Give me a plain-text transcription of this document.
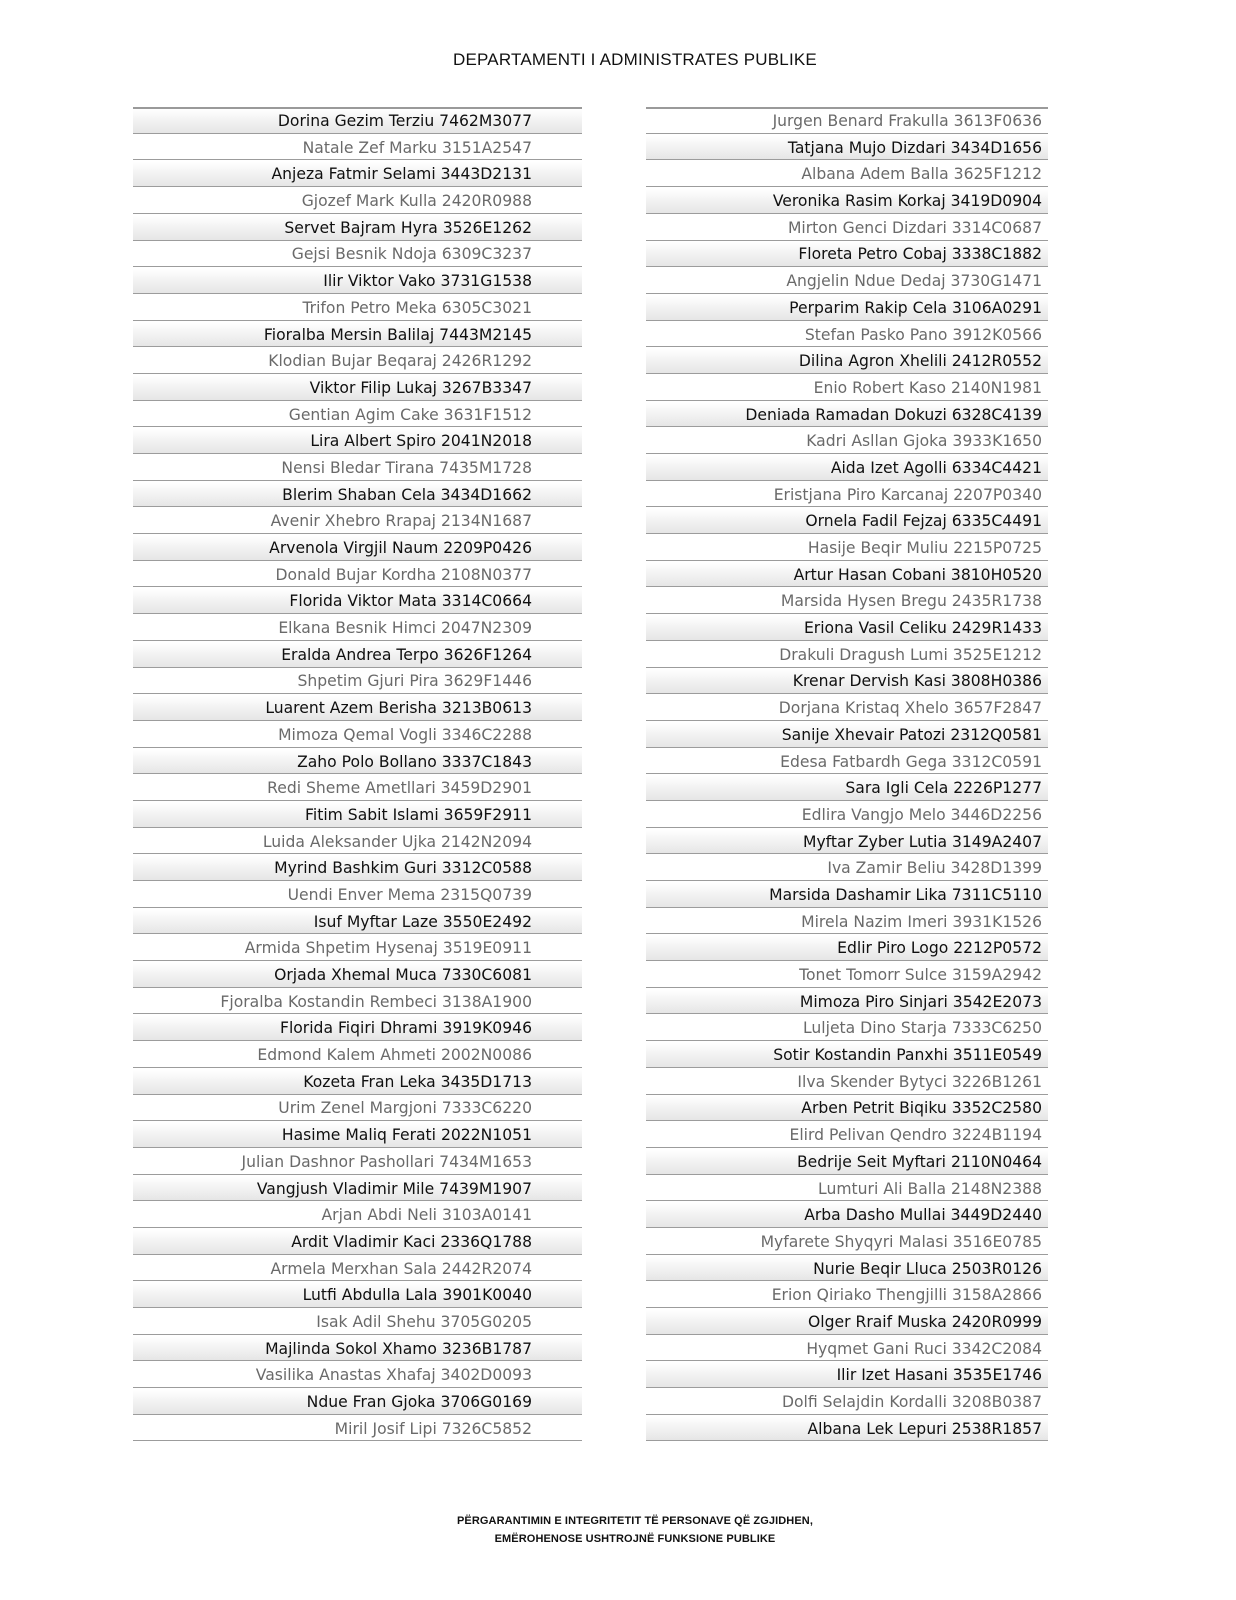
DEPARTAMENTI I ADMINISTRATES PUBLIKE
Dorina Gezim Terziu 7462M3077
Natale Zef Marku 3151A2547
Anjeza Fatmir Selami 3443D2131
Gjozef Mark Kulla 2420R0988
Servet Bajram Hyra 3526E1262
Gejsi Besnik Ndoja 6309C3237
Ilir Viktor Vako 3731G1538
Trifon Petro Meka 6305C3021
Fioralba Mersin Balilaj 7443M2145
Klodian Bujar Beqaraj 2426R1292
Viktor Filip Lukaj 3267B3347
Gentian Agim Cake 3631F1512
Lira Albert Spiro 2041N2018
Nensi Bledar Tirana 7435M1728
Blerim Shaban Cela 3434D1662
Avenir Xhebro Rrapaj 2134N1687
Arvenola Virgjil Naum 2209P0426
Donald Bujar Kordha 2108N0377
Florida Viktor Mata 3314C0664
Elkana Besnik Himci 2047N2309
Eralda Andrea Terpo 3626F1264
Shpetim Gjuri Pira 3629F1446
Luarent Azem Berisha 3213B0613
Mimoza Qemal Vogli 3346C2288
Zaho Polo Bollano 3337C1843
Redi Sheme Ametllari 3459D2901
Fitim Sabit Islami 3659F2911
Luida Aleksander Ujka 2142N2094
Myrind Bashkim Guri 3312C0588
Uendi Enver Mema 2315Q0739
Isuf Myftar Laze 3550E2492
Armida Shpetim Hysenaj 3519E0911
Orjada Xhemal Muca 7330C6081
Fjoralba Kostandin Rembeci 3138A1900
Florida Fiqiri Dhrami 3919K0946
Edmond Kalem Ahmeti 2002N0086
Kozeta Fran Leka 3435D1713
Urim Zenel Margjoni 7333C6220
Hasime Maliq Ferati 2022N1051
Julian Dashnor Pashollari 7434M1653
Vangjush Vladimir Mile 7439M1907
Arjan Abdi Neli 3103A0141
Ardit Vladimir Kaci 2336Q1788
Armela Merxhan Sala 2442R2074
Lutfi Abdulla Lala 3901K0040
Isak Adil Shehu 3705G0205
Majlinda Sokol Xhamo 3236B1787
Vasilika Anastas Xhafaj 3402D0093
Ndue Fran Gjoka 3706G0169
Miril Josif Lipi 7326C5852
Jurgen Benard Frakulla 3613F0636
Tatjana Mujo Dizdari 3434D1656
Albana Adem Balla 3625F1212
Veronika Rasim Korkaj 3419D0904
Mirton Genci Dizdari 3314C0687
Floreta Petro Cobaj 3338C1882
Angjelin Ndue Dedaj 3730G1471
Perparim Rakip Cela 3106A0291
Stefan Pasko Pano 3912K0566
Dilina Agron Xhelili 2412R0552
Enio Robert Kaso 2140N1981
Deniada Ramadan Dokuzi 6328C4139
Kadri Asllan Gjoka 3933K1650
Aida Izet Agolli 6334C4421
Eristjana Piro Karcanaj 2207P0340
Ornela Fadil Fejzaj 6335C4491
Hasije Beqir Muliu 2215P0725
Artur Hasan Cobani 3810H0520
Marsida Hysen Bregu 2435R1738
Eriona Vasil Celiku 2429R1433
Drakuli Dragush Lumi 3525E1212
Krenar Dervish Kasi 3808H0386
Dorjana Kristaq Xhelo 3657F2847
Sanije Xhevair Patozi 2312Q0581
Edesa Fatbardh Gega 3312C0591
Sara Igli Cela 2226P1277
Edlira Vangjo Melo 3446D2256
Myftar Zyber Lutia 3149A2407
Iva Zamir Beliu 3428D1399
Marsida Dashamir Lika 7311C5110
Mirela Nazim Imeri 3931K1526
Edlir Piro Logo 2212P0572
Tonet Tomorr Sulce 3159A2942
Mimoza Piro Sinjari 3542E2073
Luljeta Dino Starja 7333C6250
Sotir Kostandin Panxhi 3511E0549
Ilva Skender Bytyci 3226B1261
Arben Petrit Biqiku 3352C2580
Elird Pelivan Qendro 3224B1194
Bedrije Seit Myftari 2110N0464
Lumturi Ali Balla 2148N2388
Arba Dasho Mullai 3449D2440
Myfarete Shyqyri Malasi 3516E0785
Nurie Beqir Lluca 2503R0126
Erion Qiriako Thengjilli 3158A2866
Olger Rraif Muska 2420R0999
Hyqmet Gani Ruci 3342C2084
Ilir Izet Hasani 3535E1746
Dolfi Selajdin Kordalli 3208B0387
Albana Lek Lepuri 2538R1857
PËRGARANTIMIN E INTEGRITETIT TË PERSONAVE QË ZGJIDHEN,
EMËROHENOSE USHTROJNË FUNKSIONE PUBLIKE
